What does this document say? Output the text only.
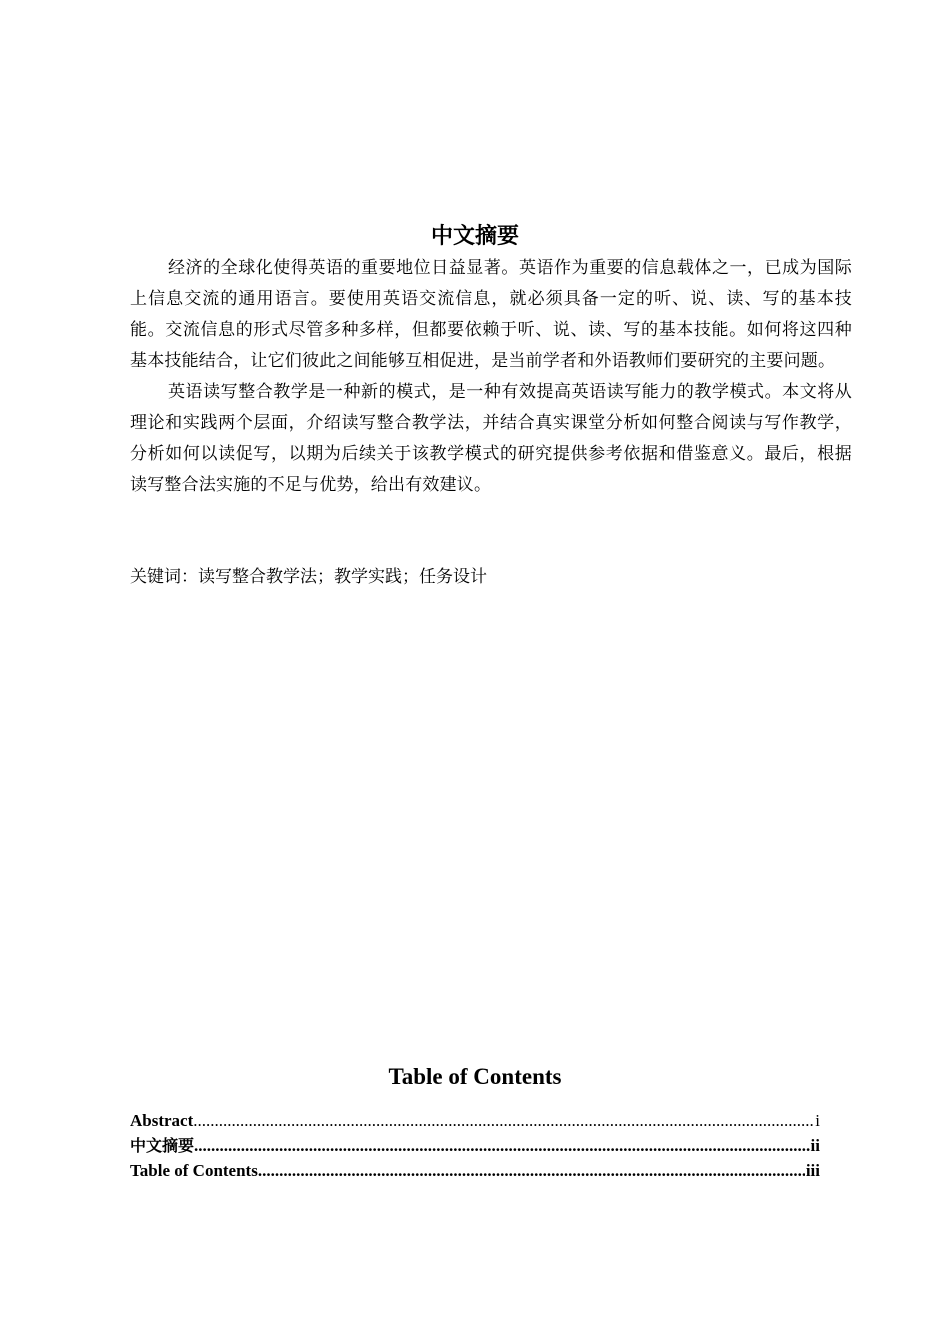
中文摘要

经济的全球化使得英语的重要地位日益显著。英语作为重要的信息载体之一，已成为国际上信息交流的通用语言。要使用英语交流信息，就必须具备一定的听、说、读、写的基本技能。交流信息的形式尽管多种多样，但都要依赖于听、说、读、写的基本技能。如何将这四种基本技能结合，让它们彼此之间能够互相促进，是当前学者和外语教师们要研究的主要问题。

英语读写整合教学是一种新的模式，是一种有效提高英语读写能力的教学模式。本文将从理论和实践两个层面，介绍读写整合教学法，并结合真实课堂分析如何整合阅读与写作教学，分析如何以读促写，以期为后续关于该教学模式的研究提供参考依据和借鉴意义。最后，根据读写整合法实施的不足与优势，给出有效建议。

关键词：读写整合教学法；教学实践；任务设计

Table of Contents
Abstract .....	i
中文摘要 .....	ii
Table of Contents .....	iii
